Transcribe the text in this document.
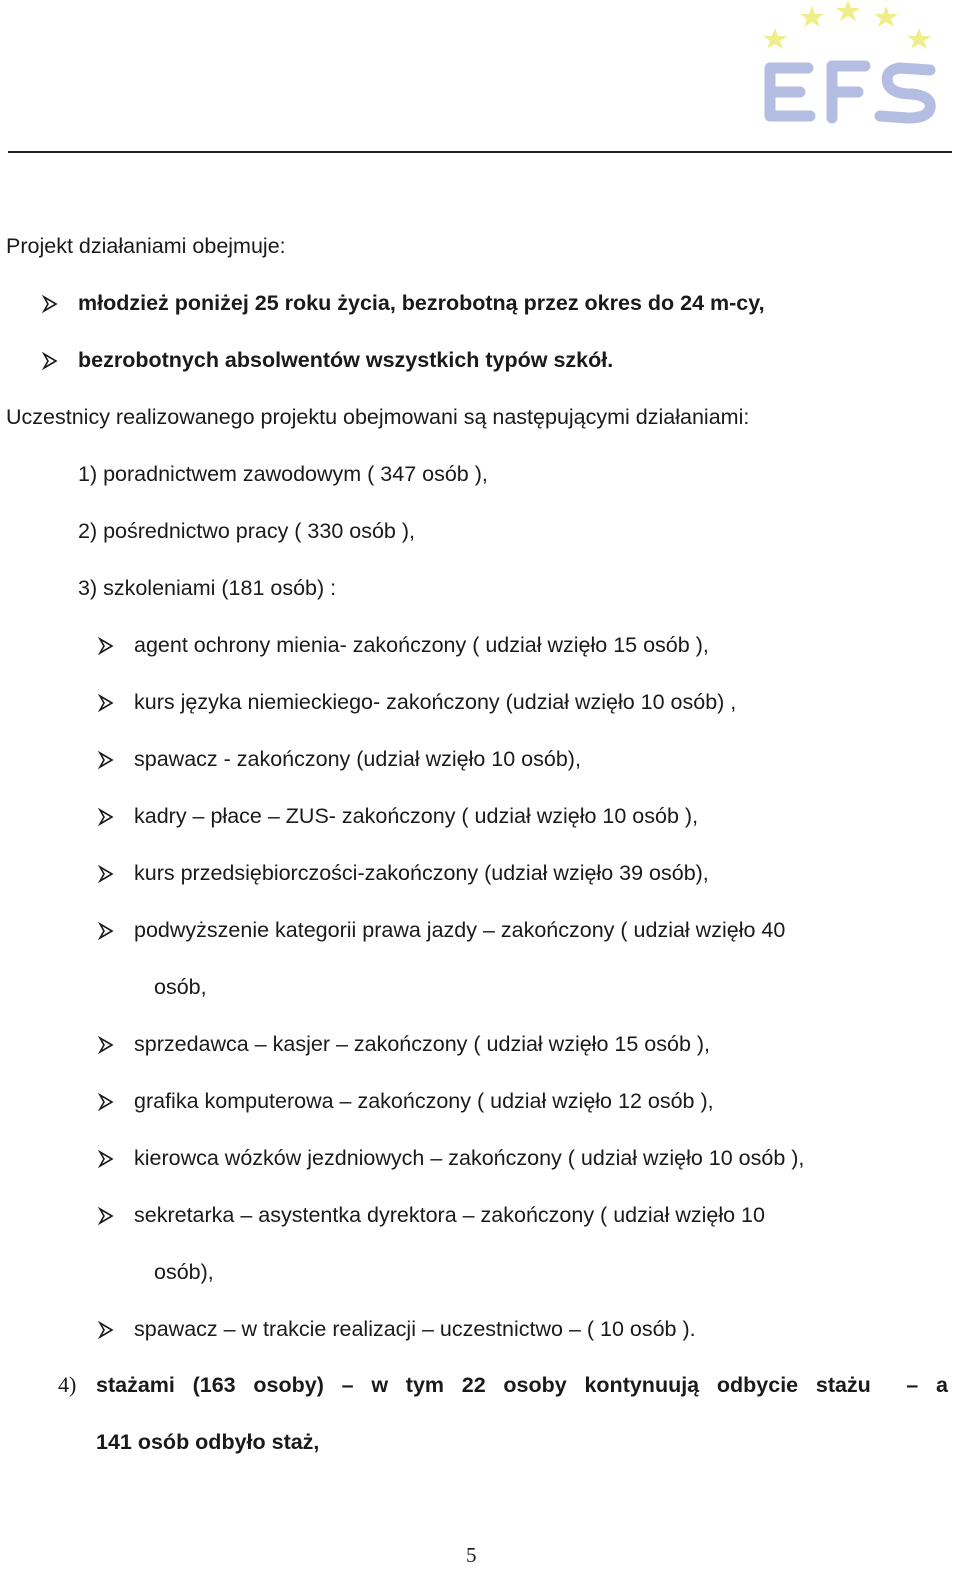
Projekt działaniami obejmuje:
młodzież poniżej 25 roku życia, bezrobotną przez okres do 24 m-cy,
bezrobotnych absolwentów wszystkich typów szkół.
Uczestnicy realizowanego projektu obejmowani są następującymi działaniami:
1) poradnictwem zawodowym ( 347 osób ),
2) pośrednictwo pracy ( 330 osób ),
3) szkoleniami (181 osób) :
agent ochrony mienia- zakończony ( udział wzięło 15 osób ),
kurs języka niemieckiego- zakończony (udział wzięło 10 osób) ,
spawacz - zakończony (udział wzięło 10 osób),
kadry – płace – ZUS- zakończony ( udział wzięło 10 osób ),
kurs przedsiębiorczości-zakończony (udział wzięło 39 osób),
podwyższenie kategorii prawa jazdy – zakończony ( udział wzięło 40
osób,
sprzedawca – kasjer – zakończony ( udział wzięło 15 osób ),
grafika komputerowa – zakończony ( udział wzięło 12 osób ),
kierowca wózków jezdniowych – zakończony ( udział wzięło 10 osób ),
sekretarka – asystentka dyrektora – zakończony ( udział wzięło 10
osób),
spawacz – w trakcie realizacji – uczestnictwo – ( 10 osób ).
4) stażami (163 osoby) – w tym 22 osoby kontynuują odbycie stażu – a
141 osób odbyło staż,
5
